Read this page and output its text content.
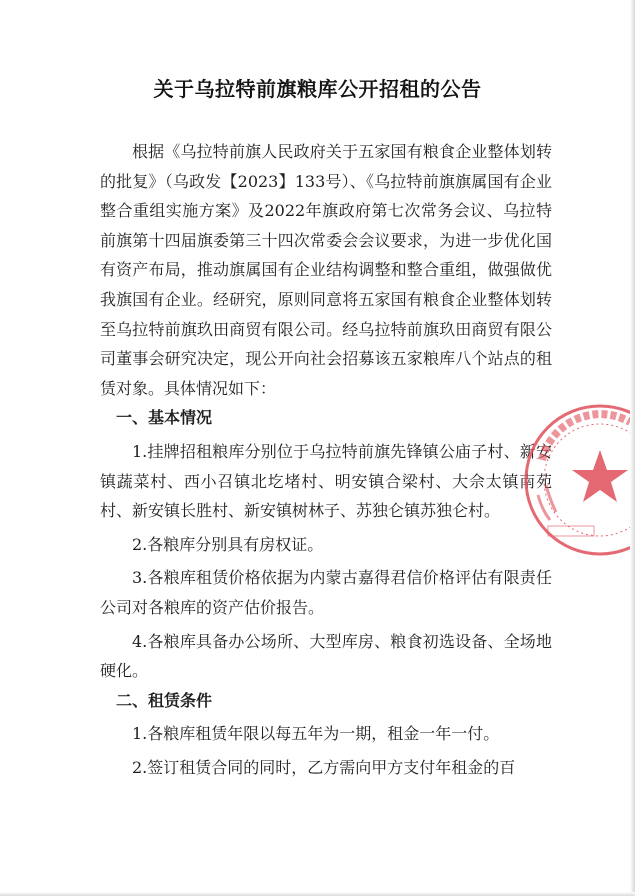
关于乌拉特前旗粮库公开招租的公告

根据《乌拉特前旗人民政府关于五家国有粮食企业整体划转的批复》（乌政发【2023】133号）、《乌拉特前旗旗属国有企业整合重组实施方案》及2022年旗政府第七次常务会议、乌拉特前旗第十四届旗委第三十四次常委会会议要求，为进一步优化国有资产布局，推动旗属国有企业结构调整和整合重组，做强做优我旗国有企业。经研究，原则同意将五家国有粮食企业整体划转至乌拉特前旗玖田商贸有限公司。经乌拉特前旗玖田商贸有限公司董事会研究决定，现公开向社会招募该五家粮库八个站点的租赁对象。具体情况如下：

一、基本情况

1.挂牌招租粮库分别位于乌拉特前旗先锋镇公庙子村、新安镇蔬菜村、西小召镇北圪堵村、明安镇合梁村、大佘太镇南苑村、新安镇长胜村、新安镇树林子、苏独仑镇苏独仑村。

2.各粮库分别具有房权证。

3.各粮库租赁价格依据为内蒙古嘉得君信价格评估有限责任公司对各粮库的资产估价报告。

4.各粮库具备办公场所、大型库房、粮食初选设备、全场地硬化。

二、租赁条件

1.各粮库租赁年限以每五年为一期，租金一年一付。

2.签订租赁合同的同时，乙方需向甲方支付年租金的百
